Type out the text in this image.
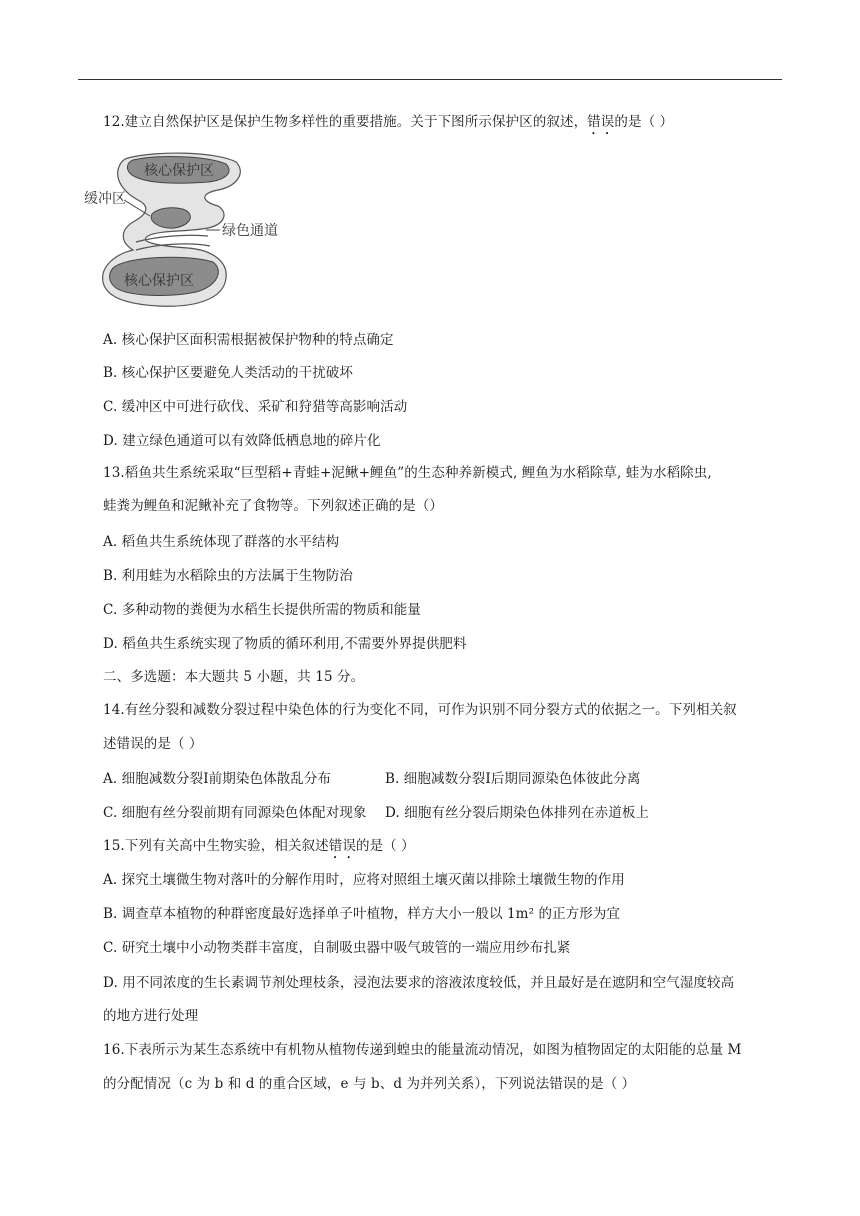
12.建立自然保护区是保护生物多样性的重要措施。关于下图所示保护区的叙述，错误的是（ ）
核心保护区
缓冲区
绿色通道
核心保护区
A. 核心保护区面积需根据被保护物种的特点确定
B. 核心保护区要避免人类活动的干扰破坏
C. 缓冲区中可进行砍伐、采矿和狩猎等高影响活动
D. 建立绿色通道可以有效降低栖息地的碎片化
13.稻鱼共生系统采取“巨型稻+青蛙+泥鳅+鲤鱼”的生态种养新模式, 鲤鱼为水稻除草, 蛙为水稻除虫,
蛙粪为鲤鱼和泥鳅补充了食物等。下列叙述正确的是（）
A. 稻鱼共生系统体现了群落的水平结构
B. 利用蛙为水稻除虫的方法属于生物防治
C. 多种动物的粪便为水稻生长提供所需的物质和能量
D. 稻鱼共生系统实现了物质的循环利用,不需要外界提供肥料
二、多选题：本大题共 5 小题，共 15 分。
14.有丝分裂和减数分裂过程中染色体的行为变化不同，可作为识别不同分裂方式的依据之一。下列相关叙
述错误的是（ ）
A. 细胞减数分裂Ⅰ前期染色体散乱分布	B. 细胞减数分裂Ⅰ后期同源染色体彼此分离
C. 细胞有丝分裂前期有同源染色体配对现象 D. 细胞有丝分裂后期染色体排列在赤道板上
15.下列有关高中生物实验，相关叙述错误的是（ ）
A. 探究土壤微生物对落叶的分解作用时，应将对照组土壤灭菌以排除土壤微生物的作用
B. 调查草本植物的种群密度最好选择单子叶植物，样方大小一般以 1m² 的正方形为宜
C. 研究土壤中小动物类群丰富度，自制吸虫器中吸气玻管的一端应用纱布扎紧
D. 用不同浓度的生长素调节剂处理枝条，浸泡法要求的溶液浓度较低，并且最好是在遮阴和空气湿度较高
的地方进行处理
16.下表所示为某生态系统中有机物从植物传递到蝗虫的能量流动情况，如图为植物固定的太阳能的总量 M
的分配情况（c 为 b 和 d 的重合区域，e 与 b、d 为并列关系），下列说法错误的是（ ）
